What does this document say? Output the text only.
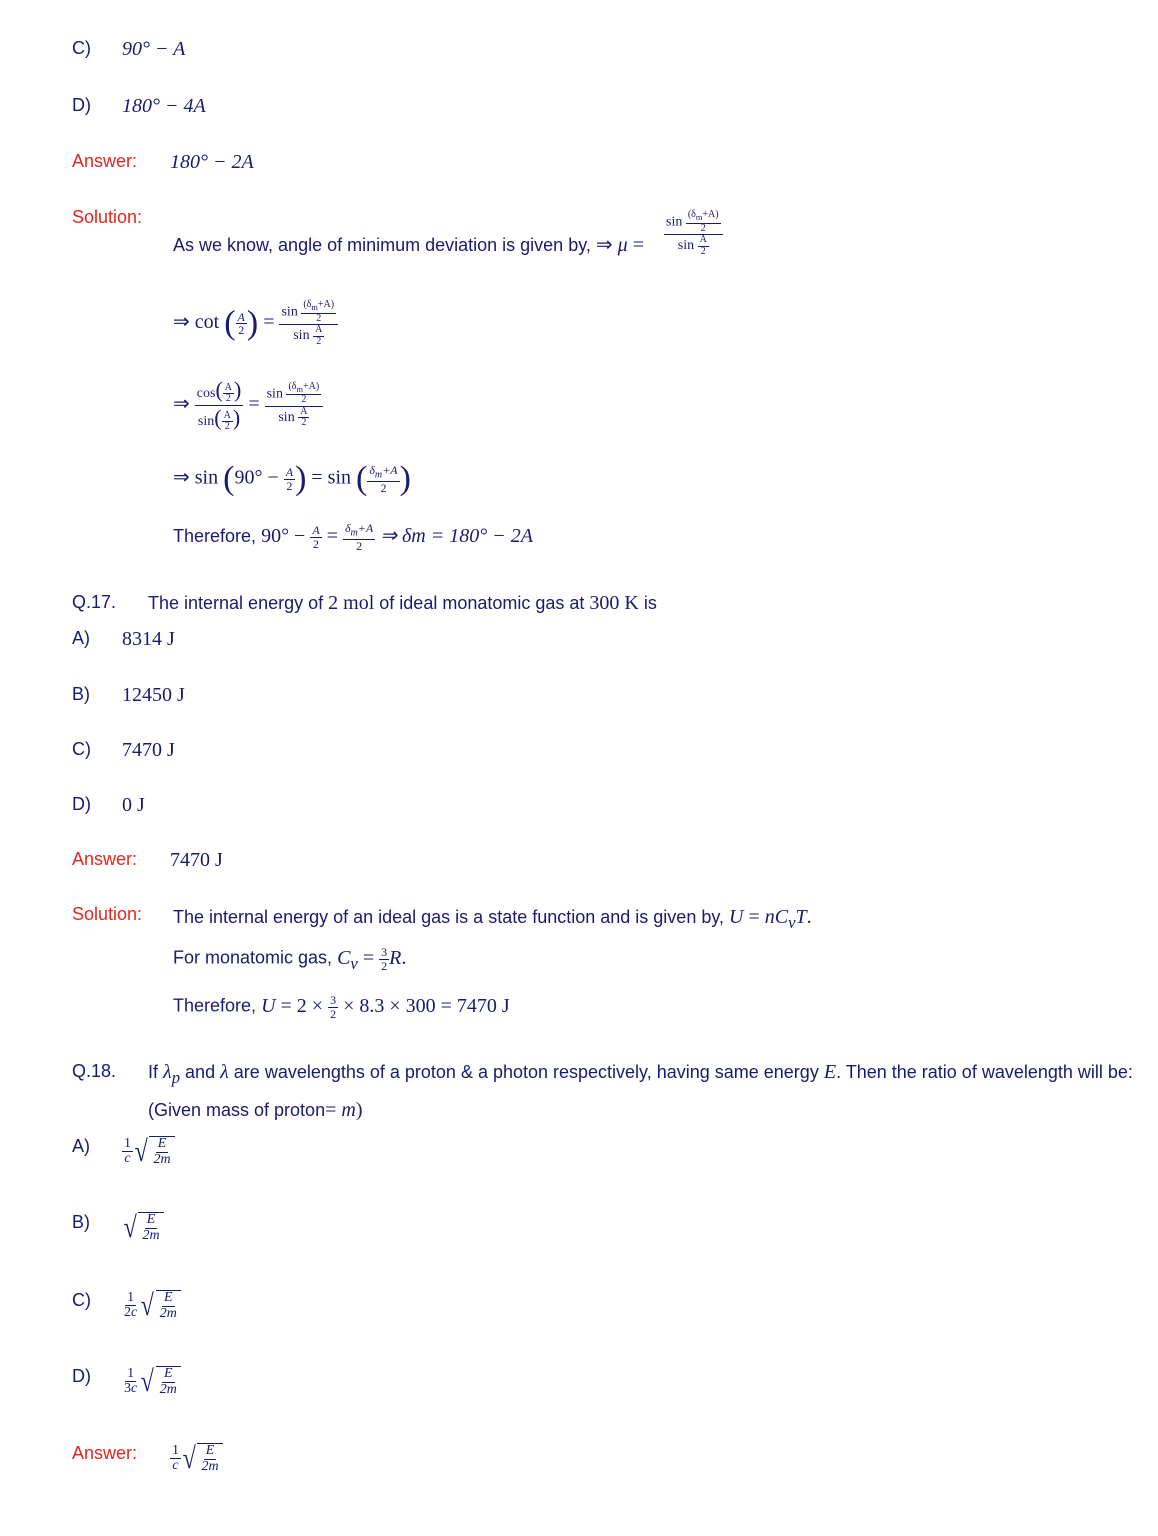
C) 90° − A
D) 180° − 4A
Answer: 180° − 2A
Solution:
As we know, angle of minimum deviation is given by, ⇒ $\mu = \frac{\sin \frac{(\delta_m+A)}{2}}{\sin \frac{A}{2}}$
⇒ cot ( $\frac{A}{2}$ ) = $\frac{\sin \frac{(\delta_m+A)}{2}}{\sin \frac{A}{2}}$
⇒ $\frac{\cos( \frac{A}{2} )}{\sin( \frac{A}{2} )} = \frac{\sin \frac{(\delta_m+A)}{2}}{\sin \frac{A}{2}}$
⇒ $\sin (90^\circ - \frac{A}{2}$ ) = sin ( $\frac{\delta_m+A}{2}$ )
Therefore, $90^\circ - \frac{A}{2} = \frac{\delta_m+A}{2}$ ⇒ δm = 180° − 2A
Q.17. The internal energy of 2 mol of ideal monatomic gas at 300 K is
A) 8314 J
B) 12450 J
C) 7470 J
D) 0 J
Answer: 7470 J
Solution: The internal energy of an ideal gas is a state function and is given by, $U = nC_vT$.
For monatomic gas, $C_v = \frac{3}{2} R$.
Therefore, $U = 2 \times \frac{3}{2} \times 8.3 \times 300 = 7470$ J
Q.18. If $\lambda_p$ and λ are wavelengths of a proton & a photon respectively, having same energy E. Then the ratio of wavelength will be:
(Given mass of proton= m)
$A) \frac{1}{c}$ √ $\frac{E}{2m}$
B) √ $\frac{E}{2m}$
$C) \frac{1}{2c}$ √ $\frac{E}{2m}$
$D) \frac{1}{3c}$ √ $\frac{E}{2m}$
Answer: $\frac{1}{c}$ √ $\frac{E}{2m}$
